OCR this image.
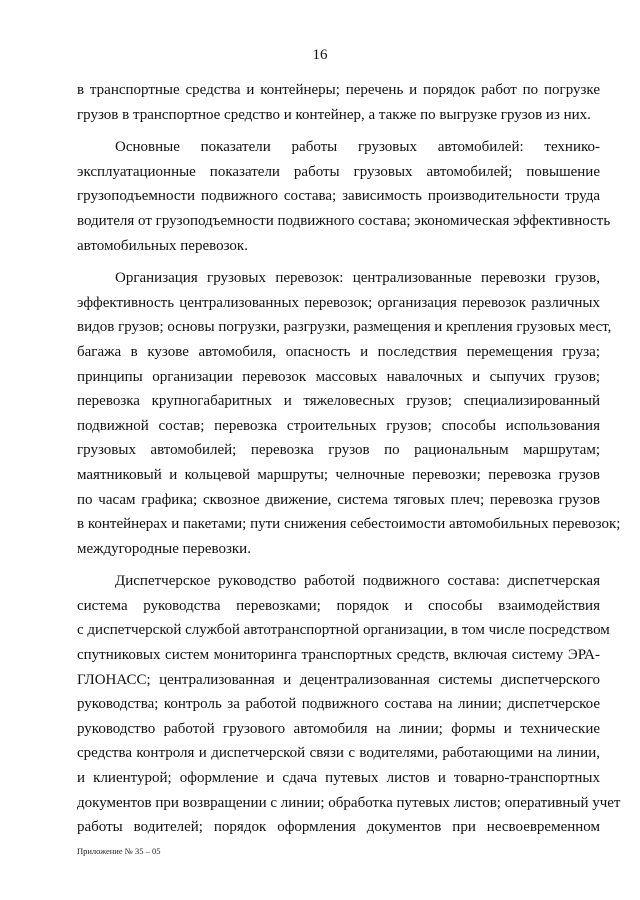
16
в транспортные средства и контейнеры; перечень и порядок работ по погрузке
грузов в транспортное средство и контейнер, а также по выгрузке грузов из них.
Основные показатели работы грузовых автомобилей: технико-
эксплуатационные показатели работы грузовых автомобилей; повышение
грузоподъемности подвижного состава; зависимость производительности труда
водителя от грузоподъемности подвижного состава; экономическая эффективность
автомобильных перевозок.
Организация грузовых перевозок: централизованные перевозки грузов,
эффективность централизованных перевозок; организация перевозок различных
видов грузов; основы погрузки, разгрузки, размещения и крепления грузовых мест,
багажа в кузове автомобиля, опасность и последствия перемещения груза;
принципы организации перевозок массовых навалочных и сыпучих грузов;
перевозка крупногабаритных и тяжеловесных грузов; специализированный
подвижной состав; перевозка строительных грузов; способы использования
грузовых автомобилей; перевозка грузов по рациональным маршрутам;
маятниковый и кольцевой маршруты; челночные перевозки; перевозка грузов
по часам графика; сквозное движение, система тяговых плеч; перевозка грузов
в контейнерах и пакетами; пути снижения себестоимости автомобильных перевозок;
междугородные перевозки.
Диспетчерское руководство работой подвижного состава: диспетчерская
система руководства перевозками; порядок и способы взаимодействия
с диспетчерской службой автотранспортной организации, в том числе посредством
спутниковых систем мониторинга транспортных средств, включая систему ЭРА-
ГЛОНАСС; централизованная и децентрализованная системы диспетчерского
руководства; контроль за работой подвижного состава на линии; диспетчерское
руководство работой грузового автомобиля на линии; формы и технические
средства контроля и диспетчерской связи с водителями, работающими на линии,
и клиентурой; оформление и сдача путевых листов и товарно-транспортных
документов при возвращении с линии; обработка путевых листов; оперативный учет
работы водителей; порядок оформления документов при несвоевременном
Приложение № 35 – 05
